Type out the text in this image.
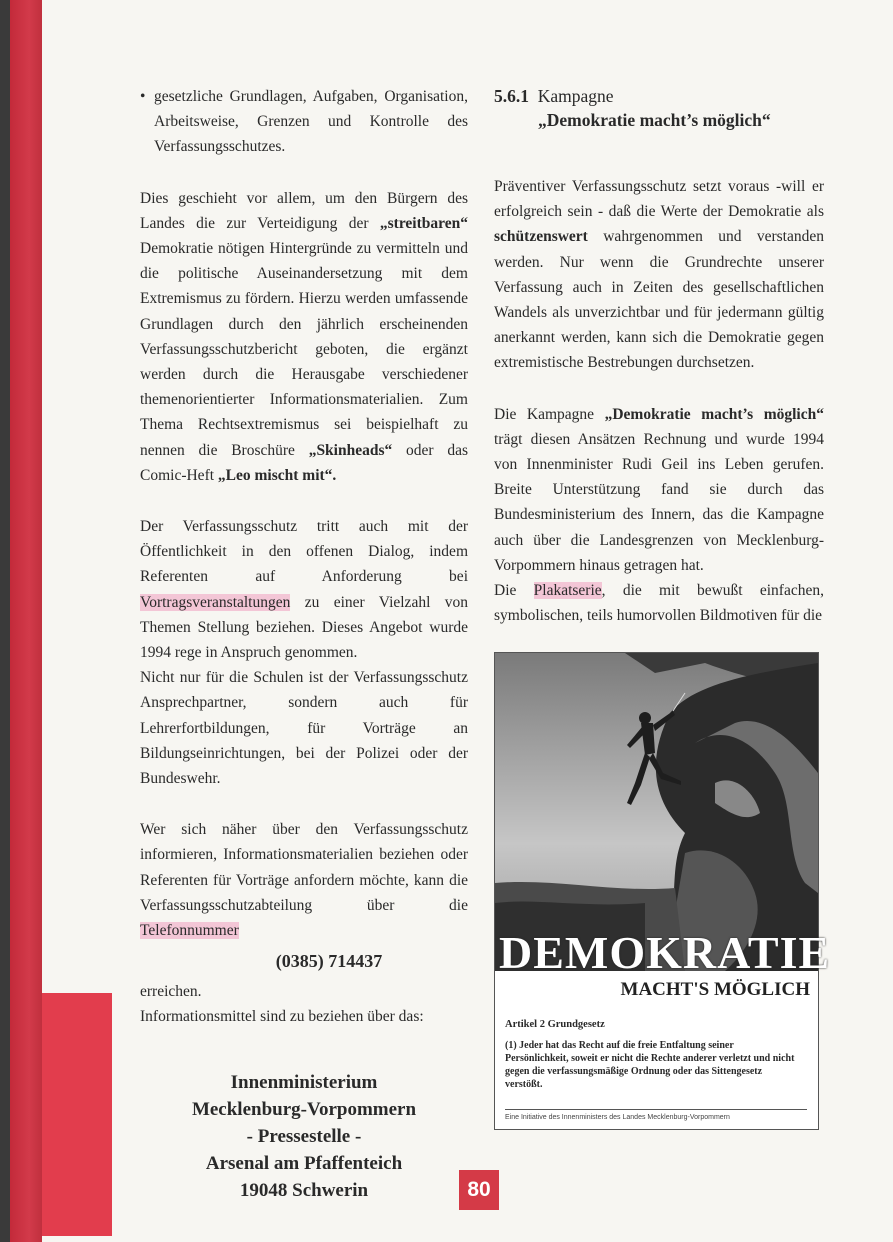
• gesetzliche Grundlagen, Aufgaben, Organisation, Arbeitsweise, Grenzen und Kontrolle des Verfassungsschutzes.

Dies geschieht vor allem, um den Bürgern des Landes die zur Verteidigung der „streitbaren“ Demokratie nötigen Hintergründe zu vermitteln und die politische Auseinandersetzung mit dem Extremismus zu fördern. Hierzu werden umfassende Grundlagen durch den jährlich erscheinenden Verfassungsschutzbericht geboten, die ergänzt werden durch die Herausgabe verschiedener themenorientierter Informationsmaterialien. Zum Thema Rechtsextremismus sei beispielhaft zu nennen die Broschüre „Skinheads“ oder das Comic-Heft „Leo mischt mit“.

Der Verfassungsschutz tritt auch mit der Öffentlichkeit in den offenen Dialog, indem Referenten auf Anforderung bei Vortragsveranstaltungen zu einer Vielzahl von Themen Stellung beziehen. Dieses Angebot wurde 1994 rege in Anspruch genommen.

Nicht nur für die Schulen ist der Verfassungsschutz Ansprechpartner, sondern auch für Lehrerfortbildungen, für Vorträge an Bildungseinrichtungen, bei der Polizei oder der Bundeswehr.

Wer sich näher über den Verfassungsschutz informieren, Informationsmaterialien beziehen oder Referenten für Vorträge anfordern möchte, kann die Verfassungsschutzabteilung über die Telefonnummer

(0385) 714437
erreichen.
Informationsmittel sind zu beziehen über das:
Innenministerium
Mecklenburg-Vorpommern
- Pressestelle -
Arsenal am Pfaffenteich
19048 Schwerin
5.6.1 Kampagne
„Demokratie macht’s möglich“

Präventiver Verfassungsschutz setzt voraus -will er erfolgreich sein - daß die Werte der Demokratie als schützenswert wahrgenommen und verstanden werden. Nur wenn die Grundrechte unserer Verfassung auch in Zeiten des gesellschaftlichen Wandels als unverzichtbar und für jedermann gültig anerkannt werden, kann sich die Demokratie gegen extremistische Bestrebungen durchsetzen.

Die Kampagne „Demokratie macht’s möglich“ trägt diesen Ansätzen Rechnung und wurde 1994 von Innenminister Rudi Geil ins Leben gerufen. Breite Unterstützung fand sie durch das Bundesministerium des Innern, das die Kampagne auch über die Landesgrenzen von Mecklenburg-Vorpommern hinaus getragen hat.

Die Plakatserie, die mit bewußt einfachen, symbolischen, teils humorvollen Bildmotiven für die

DEMOKRATIE
MACHT'S MÖGLICH
Artikel 2 Grundgesetz
(1) Jeder hat das Recht auf die freie Entfaltung seiner Persönlichkeit, soweit er nicht die Rechte anderer verletzt und nicht gegen die verfassungsmäßige Ordnung oder das Sittengesetz verstößt.
Eine Initiative des Innenministers des Landes Mecklenburg-Vorpommern
80
